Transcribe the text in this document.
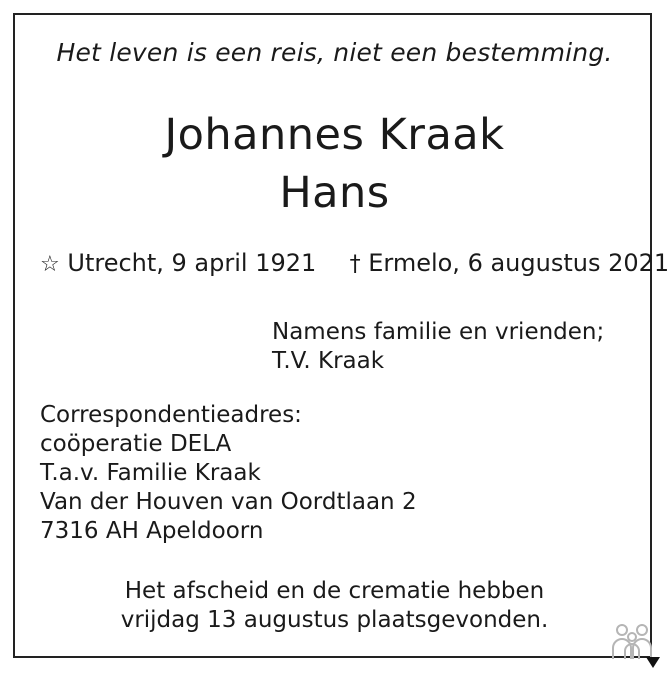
Het leven is een reis, niet een bestemming.
Johannes Kraak
Hans
☆ Utrecht, 9 april 1921 † Ermelo, 6 augustus 2021
Namens familie en vrienden;
T.V. Kraak
Correspondentieadres:
coöperatie DELA
T.a.v. Familie Kraak
Van der Houven van Oordtlaan 2
7316 AH Apeldoorn
Het afscheid en de crematie hebben
vrijdag 13 augustus plaatsgevonden.
